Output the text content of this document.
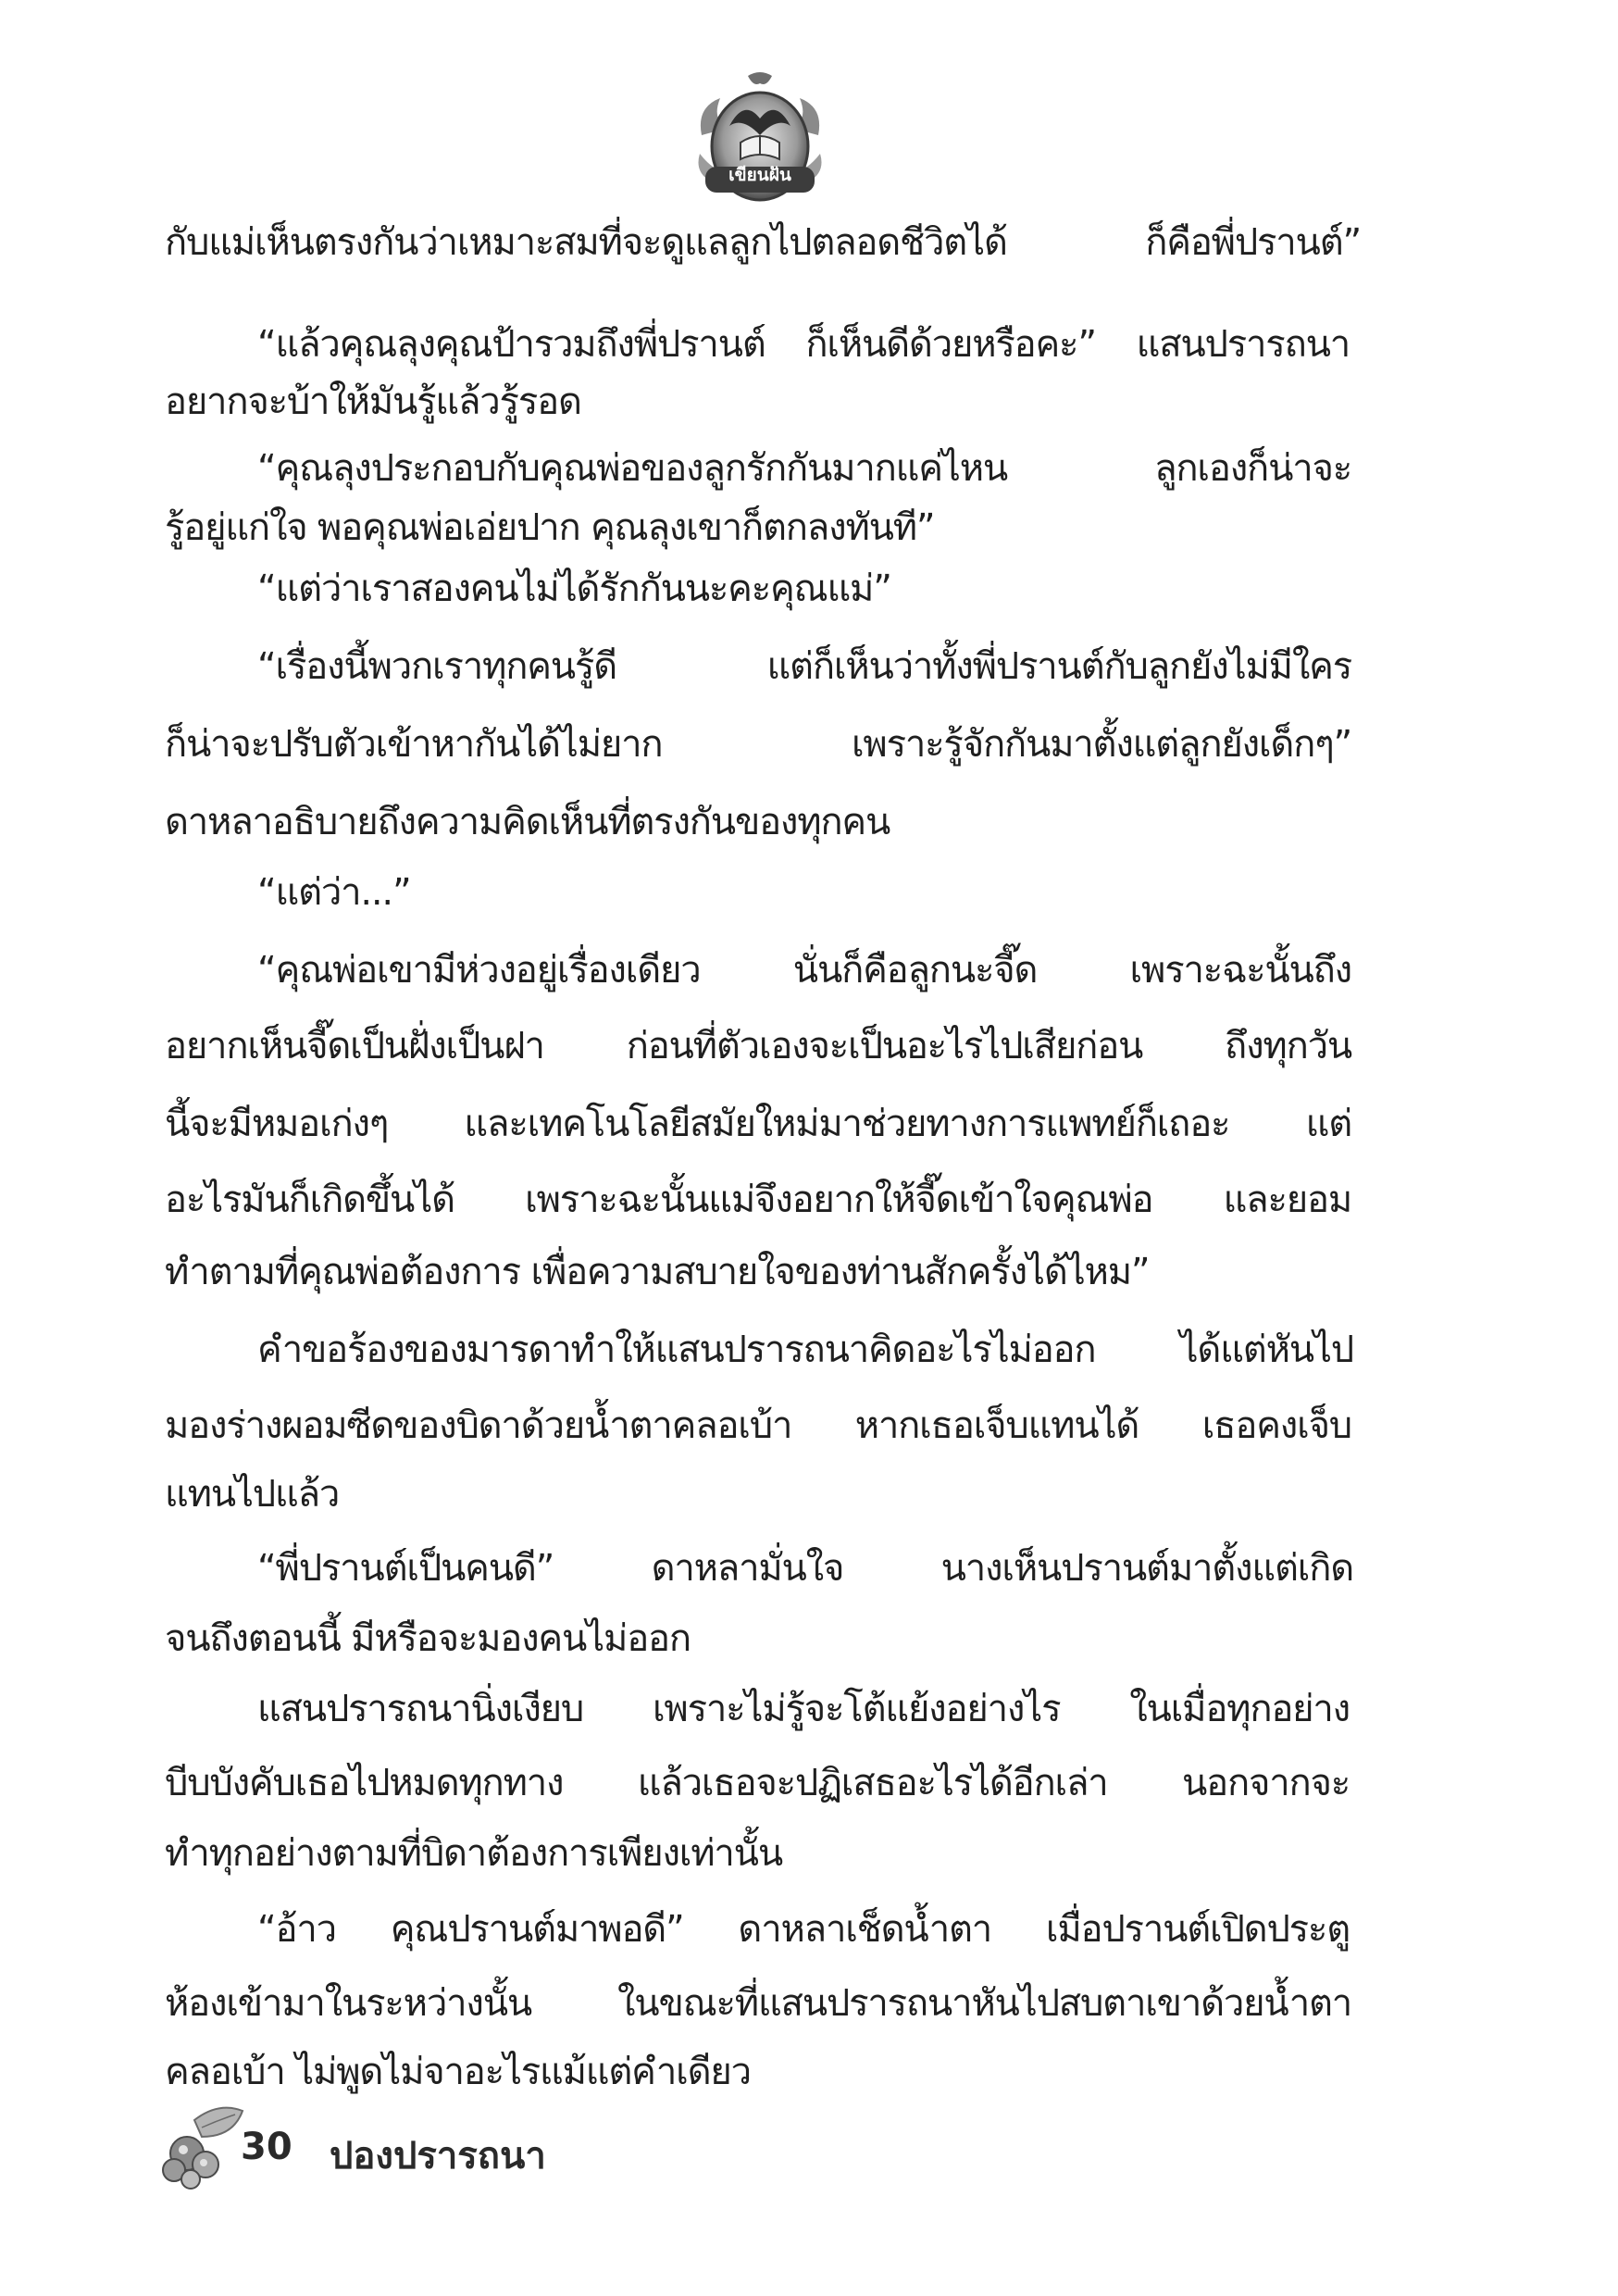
เขียนฝัน
กับแม่เห็นตรงกันว่าเหมาะสมที่จะดูแลลูกไปตลอดชีวิตได้ ก็คือพี่ปรานต์”
“แล้วคุณลุงคุณป้ารวมถึงพี่ปรานต์ ก็เห็นดีด้วยหรือคะ” แสนปรารถนา
อยากจะบ้าให้มันรู้แล้วรู้รอด
“คุณลุงประกอบกับคุณพ่อของลูกรักกันมากแค่ไหน ลูกเองก็น่าจะ
รู้อยู่แก่ใจ พอคุณพ่อเอ่ยปาก คุณลุงเขาก็ตกลงทันที”
“แต่ว่าเราสองคนไม่ได้รักกันนะคะคุณแม่”
“เรื่องนี้พวกเราทุกคนรู้ดี แต่ก็เห็นว่าทั้งพี่ปรานต์กับลูกยังไม่มีใคร
ก็น่าจะปรับตัวเข้าหากันได้ไม่ยาก เพราะรู้จักกันมาตั้งแต่ลูกยังเด็กๆ”
ดาหลาอธิบายถึงความคิดเห็นที่ตรงกันของทุกคน
“แต่ว่า...”
“คุณพ่อเขามีห่วงอยู่เรื่องเดียว นั่นก็คือลูกนะจี๊ด เพราะฉะนั้นถึง
อยากเห็นจี๊ดเป็นฝั่งเป็นฝา ก่อนที่ตัวเองจะเป็นอะไรไปเสียก่อน ถึงทุกวัน
นี้จะมีหมอเก่งๆ และเทคโนโลยีสมัยใหม่มาช่วยทางการแพทย์ก็เถอะ แต่
อะไรมันก็เกิดขึ้นได้ เพราะฉะนั้นแม่จึงอยากให้จี๊ดเข้าใจคุณพ่อ และยอม
ทำตามที่คุณพ่อต้องการ เพื่อความสบายใจของท่านสักครั้งได้ไหม”
คำขอร้องของมารดาทำให้แสนปรารถนาคิดอะไรไม่ออก ได้แต่หันไป
มองร่างผอมซีดของบิดาด้วยน้ำตาคลอเบ้า หากเธอเจ็บแทนได้ เธอคงเจ็บ
แทนไปแล้ว
“พี่ปรานต์เป็นคนดี” ดาหลามั่นใจ นางเห็นปรานต์มาตั้งแต่เกิด
จนถึงตอนนี้ มีหรือจะมองคนไม่ออก
แสนปรารถนานิ่งเงียบ เพราะไม่รู้จะโต้แย้งอย่างไร ในเมื่อทุกอย่าง
บีบบังคับเธอไปหมดทุกทาง แล้วเธอจะปฏิเสธอะไรได้อีกเล่า นอกจากจะ
ทำทุกอย่างตามที่บิดาต้องการเพียงเท่านั้น
“อ้าว คุณปรานต์มาพอดี” ดาหลาเช็ดน้ำตา เมื่อปรานต์เปิดประตู
ห้องเข้ามาในระหว่างนั้น ในขณะที่แสนปรารถนาหันไปสบตาเขาด้วยน้ำตา
คลอเบ้า ไม่พูดไม่จาอะไรแม้แต่คำเดียว
30 ปองปรารถนา
